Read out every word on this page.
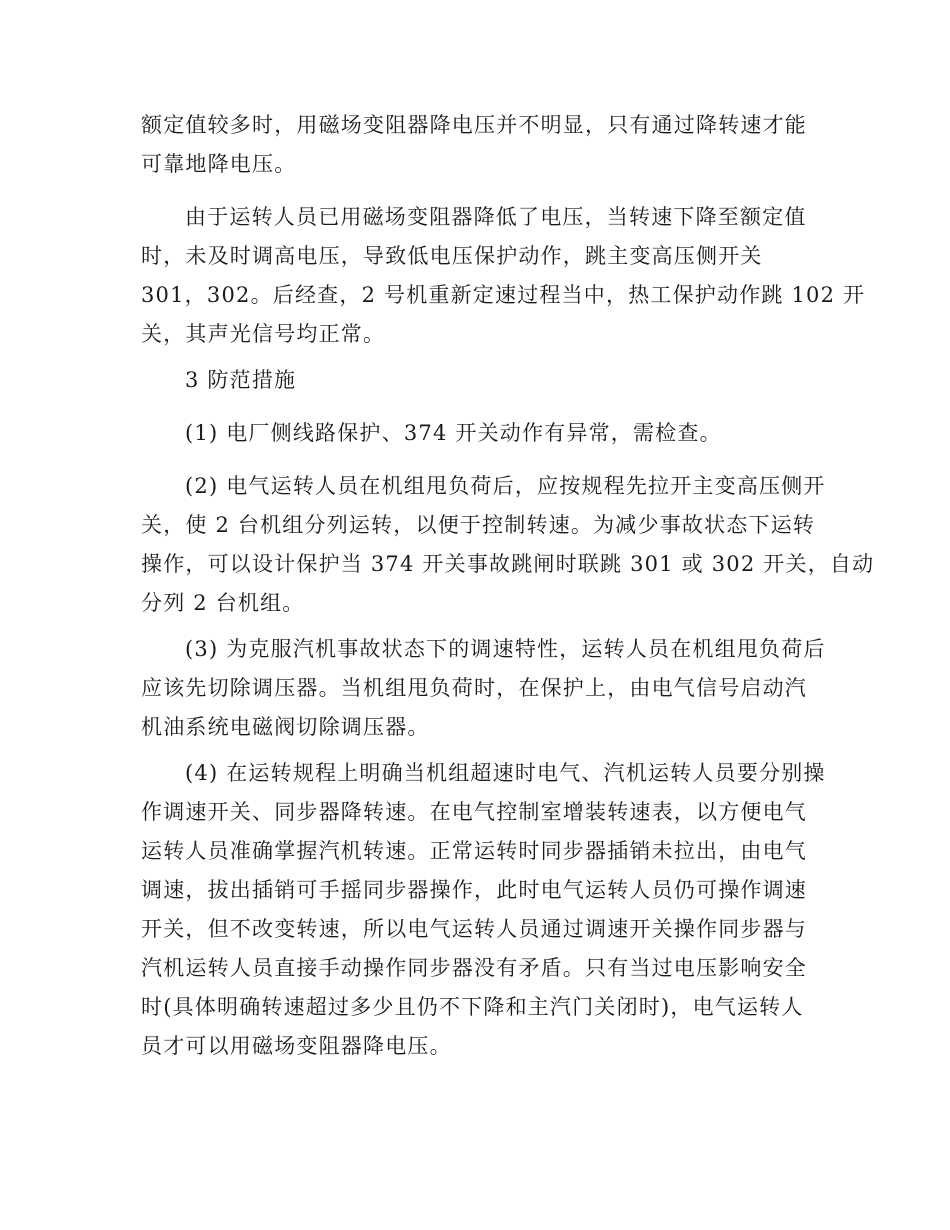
额定值较多时，用磁场变阻器降电压并不明显，只有通过降转速才能
可靠地降电压。

由于运转人员已用磁场变阻器降低了电压，当转速下降至额定值
时，未及时调高电压，导致低电压保护动作，跳主变高压侧开关
301，302。后经查，2 号机重新定速过程当中，热工保护动作跳 102 开
关，其声光信号均正常。

3 防范措施

(1) 电厂侧线路保护、374 开关动作有异常，需检查。

(2) 电气运转人员在机组甩负荷后，应按规程先拉开主变高压侧开
关，使 2 台机组分列运转，以便于控制转速。为减少事故状态下运转
操作，可以设计保护当 374 开关事故跳闸时联跳 301 或 302 开关，自动
分列 2 台机组。

(3) 为克服汽机事故状态下的调速特性，运转人员在机组甩负荷后
应该先切除调压器。当机组甩负荷时，在保护上，由电气信号启动汽
机油系统电磁阀切除调压器。

(4) 在运转规程上明确当机组超速时电气、汽机运转人员要分别操
作调速开关、同步器降转速。在电气控制室增装转速表，以方便电气
运转人员准确掌握汽机转速。正常运转时同步器插销未拉出，由电气
调速，拔出插销可手摇同步器操作，此时电气运转人员仍可操作调速
开关，但不改变转速，所以电气运转人员通过调速开关操作同步器与
汽机运转人员直接手动操作同步器没有矛盾。只有当过电压影响安全
时(具体明确转速超过多少且仍不下降和主汽门关闭时)，电气运转人
员才可以用磁场变阻器降电压。
